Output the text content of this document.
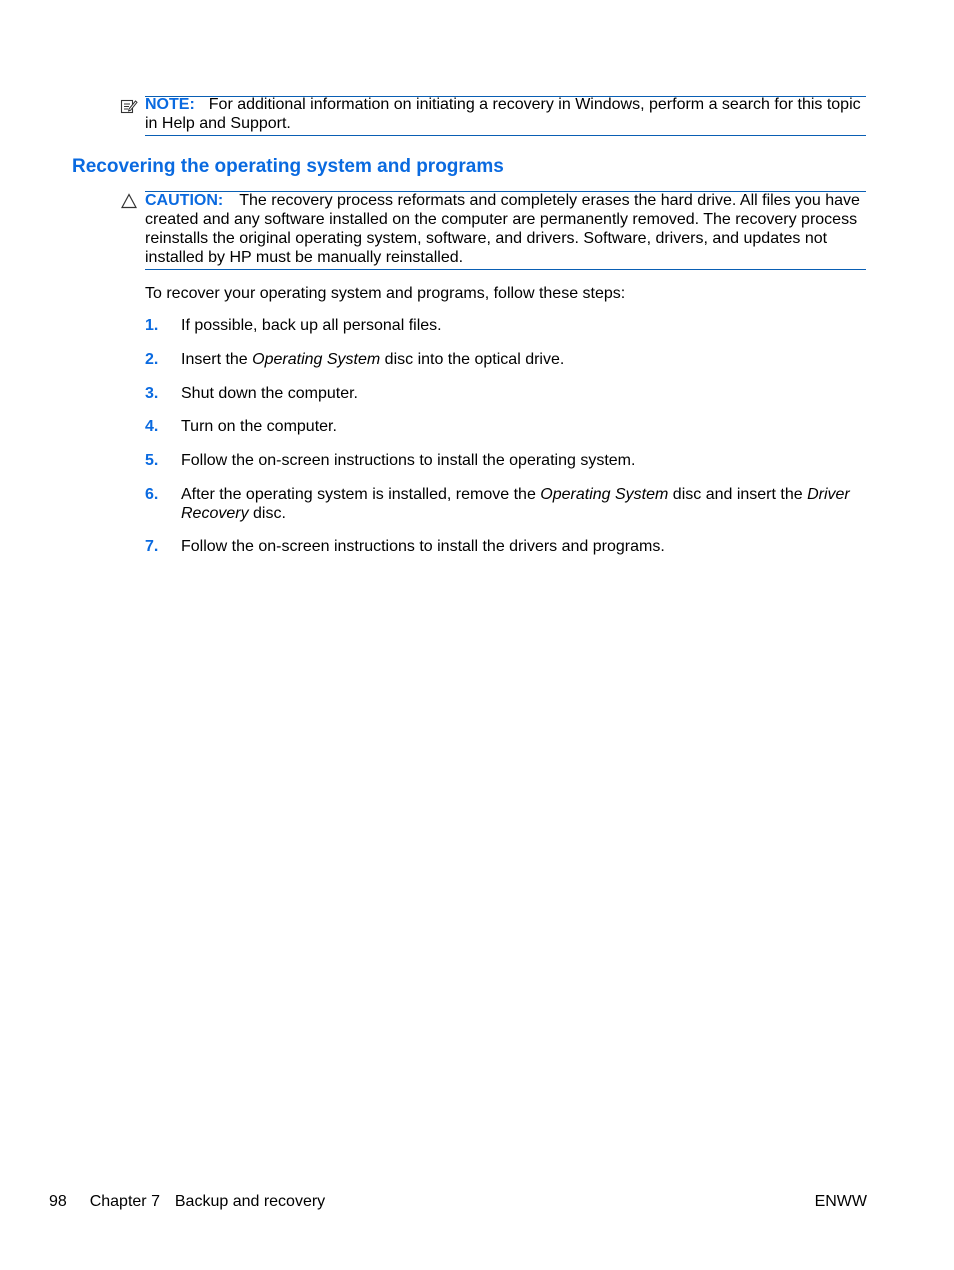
NOTE: For additional information on initiating a recovery in Windows, perform a search for this topic in Help and Support.
Recovering the operating system and programs
CAUTION: The recovery process reformats and completely erases the hard drive. All files you have created and any software installed on the computer are permanently removed. The recovery process reinstalls the original operating system, software, and drivers. Software, drivers, and updates not installed by HP must be manually reinstalled.
To recover your operating system and programs, follow these steps:
1. If possible, back up all personal files.
2. Insert the Operating System disc into the optical drive.
3. Shut down the computer.
4. Turn on the computer.
5. Follow the on-screen instructions to install the operating system.
6. After the operating system is installed, remove the Operating System disc and insert the Driver Recovery disc.
7. Follow the on-screen instructions to install the drivers and programs.
98 Chapter 7 Backup and recovery	ENWW
